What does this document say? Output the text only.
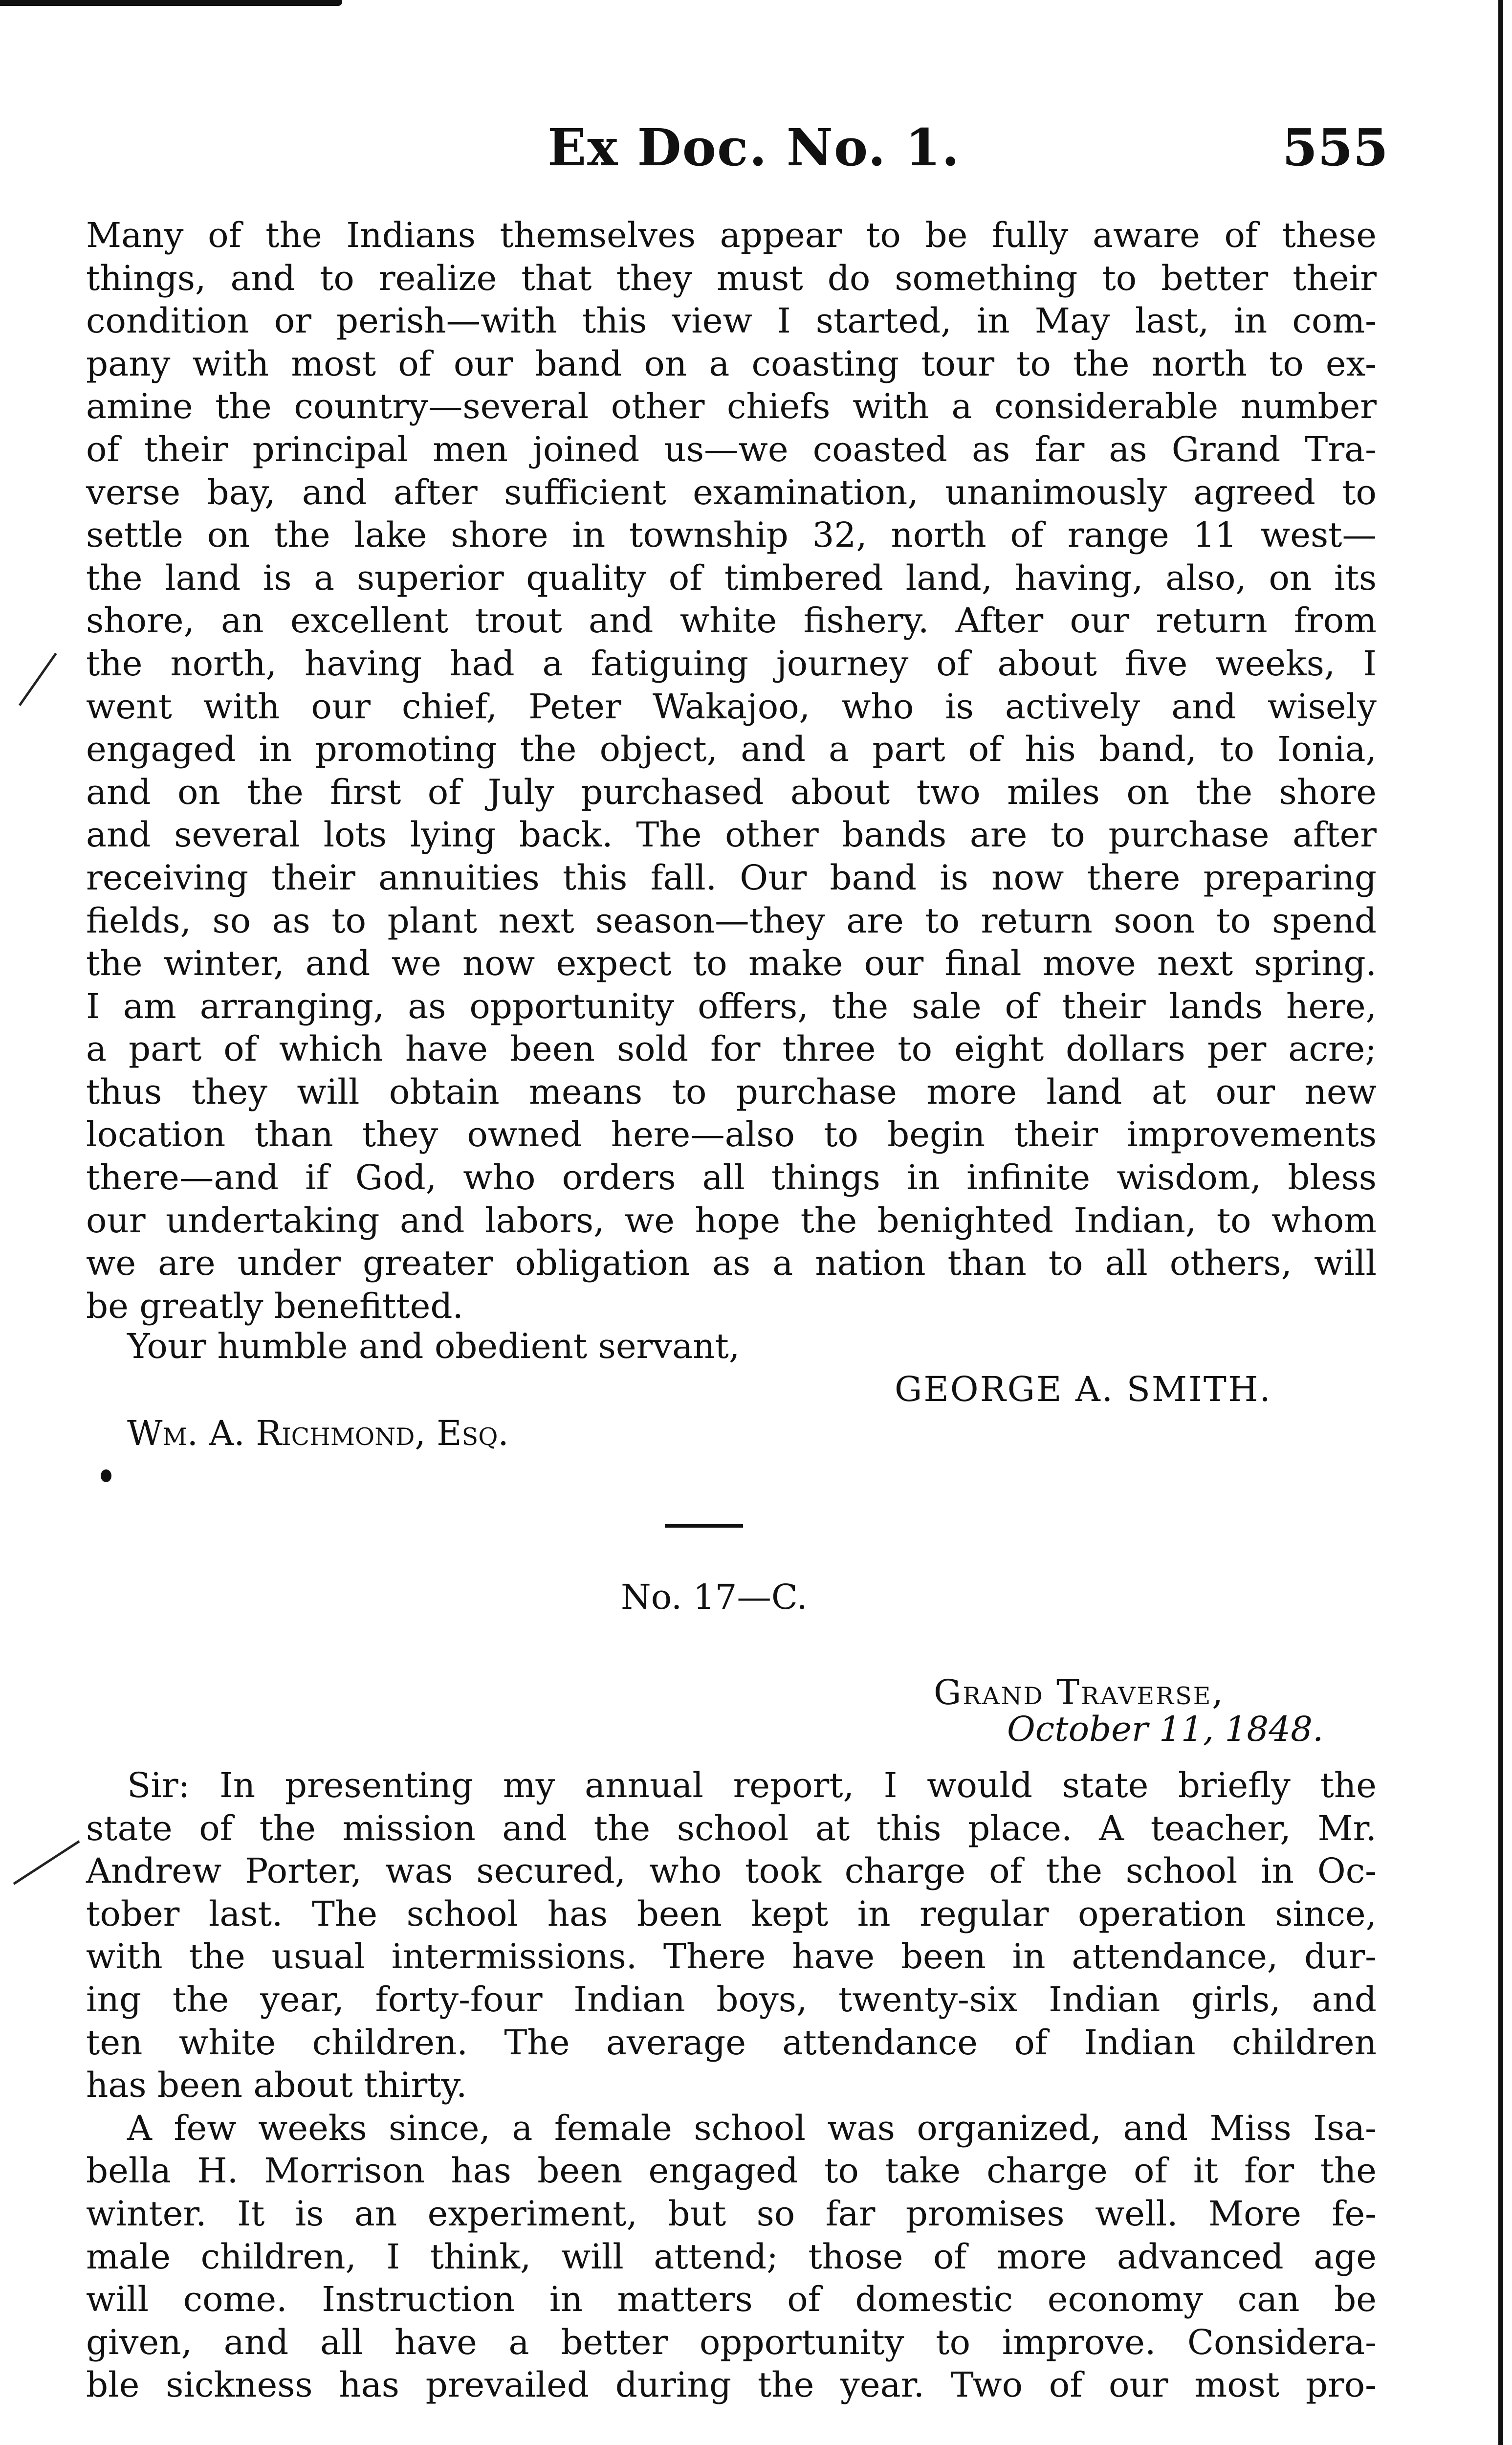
Ex Doc. No. 1.	555
Many of the Indians themselves appear to be fully aware of these
things, and to realize that they must do something to better their
condition or perish—with this view I started, in May last, in com-
pany with most of our band on a coasting tour to the north to ex-
amine the country—several other chiefs with a considerable number
of their principal men joined us—we coasted as far as Grand Tra-
verse bay, and after sufficient examination, unanimously agreed to
settle on the lake shore in township 32, north of range 11 west—
the land is a superior quality of timbered land, having, also, on its
shore, an excellent trout and white fishery. After our return from
the north, having had a fatiguing journey of about five weeks, I
went with our chief, Peter Wakajoo, who is actively and wisely
engaged in promoting the object, and a part of his band, to Ionia,
and on the first of July purchased about two miles on the shore
and several lots lying back. The other bands are to purchase after
receiving their annuities this fall. Our band is now there preparing
fields, so as to plant next season—they are to return soon to spend
the winter, and we now expect to make our final move next spring.
I am arranging, as opportunity offers, the sale of their lands here,
a part of which have been sold for three to eight dollars per acre;
thus they will obtain means to purchase more land at our new
location than they owned here—also to begin their improvements
there—and if God, who orders all things in infinite wisdom, bless
our undertaking and labors, we hope the benighted Indian, to whom
we are under greater obligation as a nation than to all others, will
be greatly benefitted.
Your humble and obedient servant,
GEORGE A. SMITH.
Wm. A. Richmond, Esq.
No. 17—C.
Grand Traverse,
October 11, 1848.
Sir: In presenting my annual report, I would state briefly the
state of the mission and the school at this place. A teacher, Mr.
Andrew Porter, was secured, who took charge of the school in Oc-
tober last. The school has been kept in regular operation since,
with the usual intermissions. There have been in attendance, dur-
ing the year, forty-four Indian boys, twenty-six Indian girls, and
ten white children. The average attendance of Indian children
has been about thirty.
A few weeks since, a female school was organized, and Miss Isa-
bella H. Morrison has been engaged to take charge of it for the
winter. It is an experiment, but so far promises well. More fe-
male children, I think, will attend; those of more advanced age
will come. Instruction in matters of domestic economy can be
given, and all have a better opportunity to improve. Considera-
ble sickness has prevailed during the year. Two of our most pro-
